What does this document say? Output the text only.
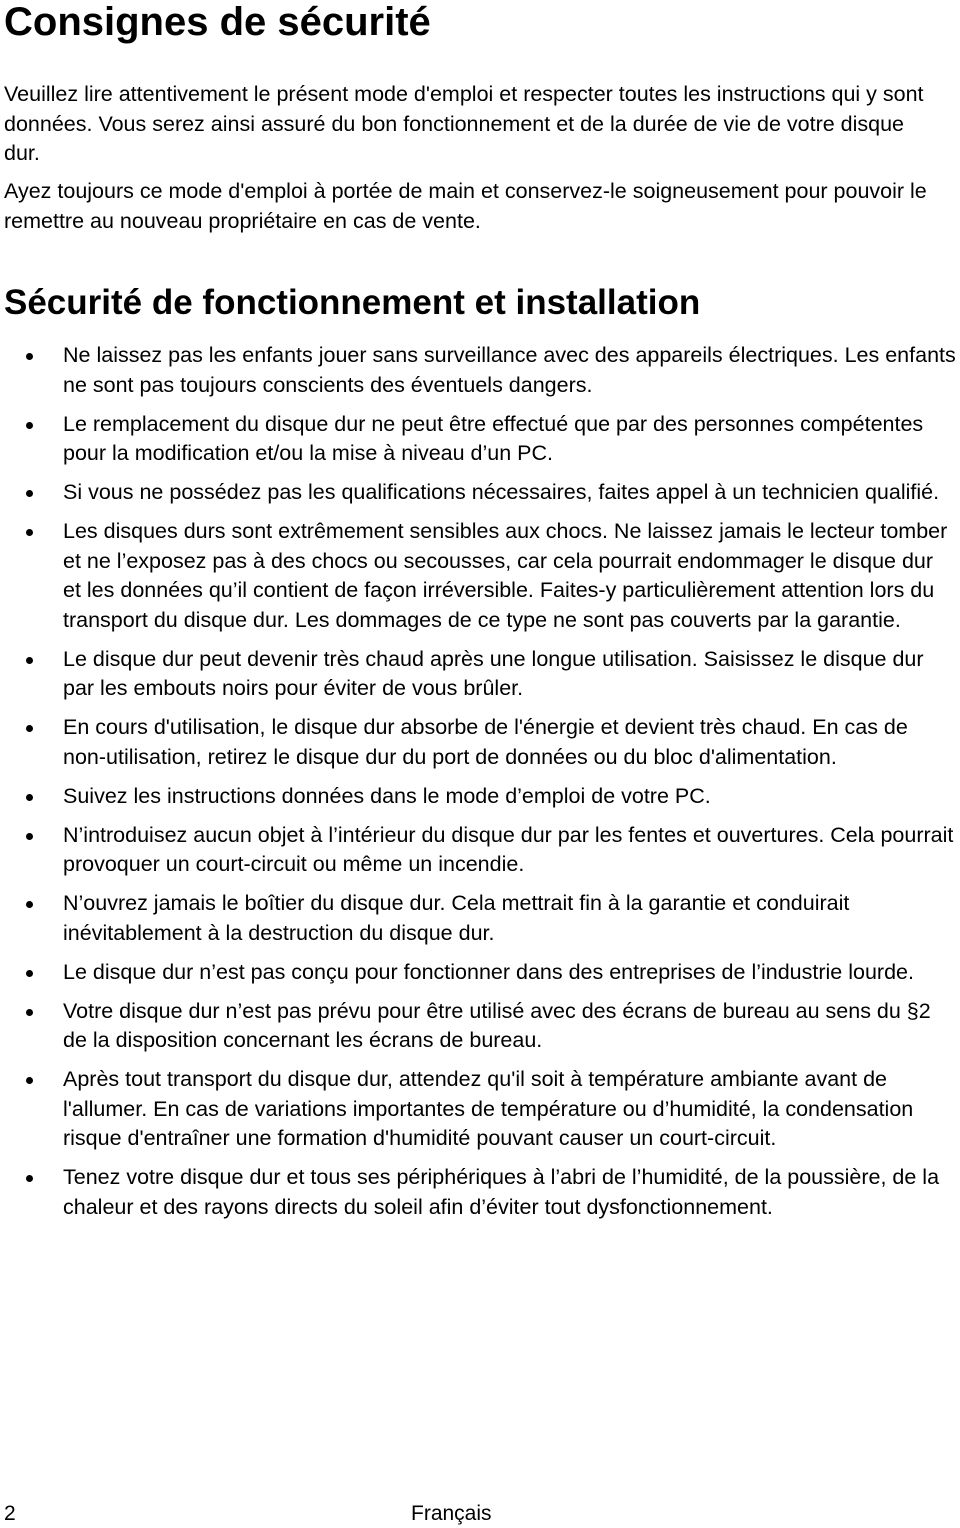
Consignes de sécurité

Veuillez lire attentivement le présent mode d'emploi et respecter toutes les instructions qui y sont données. Vous serez ainsi assuré du bon fonctionnement et de la durée de vie de votre disque dur.

Ayez toujours ce mode d'emploi à portée de main et conservez-le soigneusement pour pouvoir le remettre au nouveau propriétaire en cas de vente.

Sécurité de fonctionnement et installation
Ne laissez pas les enfants jouer sans surveillance avec des appareils électriques. Les enfants ne sont pas toujours conscients des éventuels dangers.
Le remplacement du disque dur ne peut être effectué que par des personnes compétentes pour la modification et/ou la mise à niveau d’un PC.
Si vous ne possédez pas les qualifications nécessaires, faites appel à un technicien qualifié.
Les disques durs sont extrêmement sensibles aux chocs. Ne laissez jamais le lecteur tomber et ne l’exposez pas à des chocs ou secousses, car cela pourrait endommager le disque dur et les données qu’il contient de façon irréversible. Faites-y particulièrement attention lors du transport du disque dur. Les dommages de ce type ne sont pas couverts par la garantie.
Le disque dur peut devenir très chaud après une longue utilisation. Saisissez le disque dur par les embouts noirs pour éviter de vous brûler.
En cours d'utilisation, le disque dur absorbe de l'énergie et devient très chaud. En cas de non-utilisation, retirez le disque dur du port de données ou du bloc d'alimentation.
Suivez les instructions données dans le mode d’emploi de votre PC.
N’introduisez aucun objet à l’intérieur du disque dur par les fentes et ouvertures. Cela pourrait provoquer un court-circuit ou même un incendie.
N’ouvrez jamais le boîtier du disque dur. Cela mettrait fin à la garantie et conduirait inévitablement à la destruction du disque dur.
Le disque dur n’est pas conçu pour fonctionner dans des entreprises de l’industrie lourde.
Votre disque dur n’est pas prévu pour être utilisé avec des écrans de bureau au sens du §2 de la disposition concernant les écrans de bureau.
Après tout transport du disque dur, attendez qu'il soit à température ambiante avant de l'allumer. En cas de variations importantes de température ou d’humidité, la condensation risque d'entraîner une formation d'humidité pouvant causer un court-circuit.
Tenez votre disque dur et tous ses périphériques à l’abri de l’humidité, de la poussière, de la chaleur et des rayons directs du soleil afin d’éviter tout dysfonctionnement.
2	Français
